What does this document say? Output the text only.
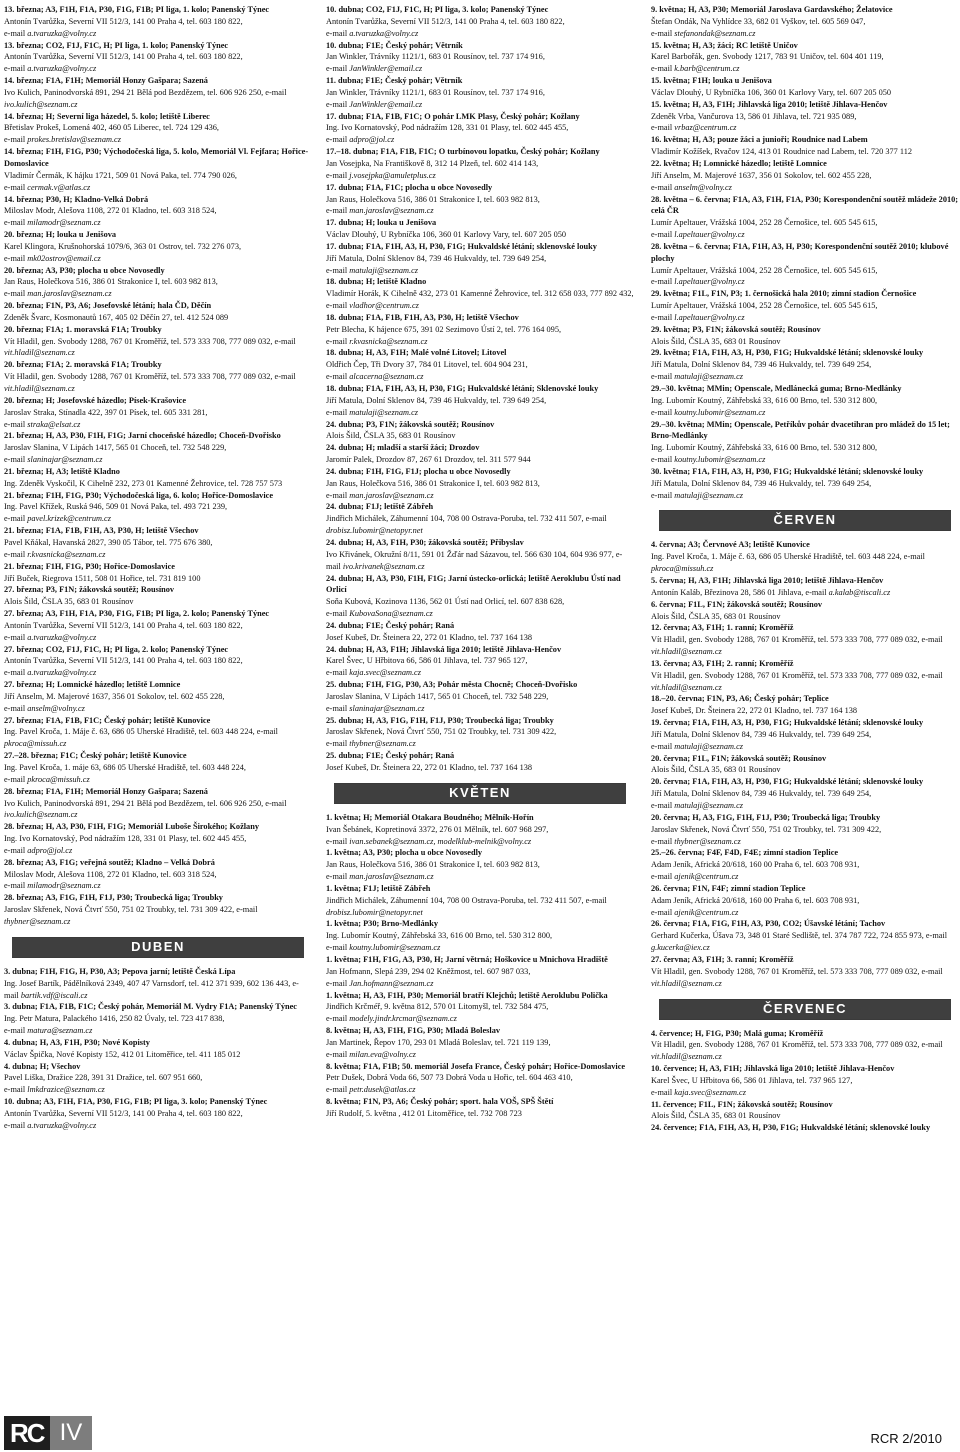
13. března; A3, F1H, F1A, P30, F1G, F1B; PI liga, 1. kolo; Panenský Týnec
Antonín Tvarůžka, Severní VII 512/3, 141 00 Praha 4, tel. 603 180 822,
e-mail a.tvaruzka@volny.cz
13. března; CO2, F1J, F1C, H; PI liga, 1. kolo; Panenský Týnec
Antonín Tvarůžka, Severní VII 512/3, 141 00 Praha 4, tel. 603 180 822,
e-mail a.tvaruzka@volny.cz
14. března; F1A, F1H; Memoriál Honzy Gašpara; Sazená
Ivo Kulich, Paninodvorská 891, 294 21 Bělá pod Bezdězem, tel. 606 926 250, e-mail ivo.kulich@seznam.cz
14. března; H; Severní liga házedel, 5. kolo; letiště Liberec
Břetislav Prokeš, Lomená 402, 460 05 Liberec, tel. 724 129 436,
e-mail prokes.bretislav@seznam.cz
14. března; F1H, F1G, P30; Východočeská liga, 5. kolo, Memoriál Vl. Fejfara; Hořice-Domoslavice
Vladimír Čermák, K hájku 1721, 509 01 Nová Paka, tel. 774 790 026,
e-mail cermak.v@atlas.cz
14. března; P30, H; Kladno-Velká Dobrá
Miloslav Modr, Alešova 1108, 272 01 Kladno, tel. 603 318 524,
e-mail milamodr@seznam.cz
20. března; H; louka u Jenišova
Karel Klingora, Krušnohorská 1079/6, 363 01 Ostrov, tel. 732 276 073,
e-mail mk02ostrov@email.cz
20. března; A3, P30; plocha u obce Novosedly
Jan Raus, Holečkova 516, 386 01 Strakonice I, tel. 603 982 813,
e-mail man.jaroslav@seznam.cz
20. března; F1N, P3, A6; Josefovské létání; hala ČD, Děčín
Zdeněk Švarc, Kosmonautů 167, 405 02 Děčín 27, tel. 412 524 089
20. března; F1A; 1. moravská F1A; Troubky
Vít Hladil, gen. Svobody 1288, 767 01 Kroměříž, tel. 573 333 708, 777 089 032, e-mail vit.hladil@seznam.cz
20. března; F1A; 2. moravská F1A; Troubky
Vít Hladil, gen. Svobody 1288, 767 01 Kroměříž, tel. 573 333 708, 777 089 032, e-mail vit.hladil@seznam.cz
20. března; H; Josefovské házedlo; Písek-Krašovice
Jaroslav Straka, Stínadla 422, 397 01 Písek, tel. 605 331 281,
e-mail straka@elsat.cz
21. března; H, A3, P30, F1H, F1G; Jarní choceňské házedlo; Choceň-Dvořisko
Jaroslav Slanina, V Lipách 1417, 565 01 Choceň, tel. 732 548 229,
e-mail slaninajar@seznam.cz
21. března; H, A3; letiště Kladno
Ing. Zdeněk Vyskočil, K Cihelně 232, 273 01 Kamenné Žehrovice, tel. 728 757 573
21. března; F1H, F1G, P30; Východočeská liga, 6. kolo; Hořice-Domoslavice
Ing. Pavel Křížek, Ruská 946, 509 01 Nová Paka, tel. 493 721 239,
e-mail pavel.krizek@centrum.cz
21. března; F1A, F1B, F1H, A3, P30, H; letiště Všechov
Pavel Kňákal, Havanská 2827, 390 05 Tábor, tel. 775 676 380,
e-mail r.kvasnicka@seznam.cz
21. března; F1H, F1G, P30; Hořice-Domoslavice
Jiří Buček, Riegrova 1511, 508 01 Hořice, tel. 731 819 100
27. března; P3, F1N; žákovská soutěž; Rousínov
Alois Šild, ČSLA 35, 683 01 Rousínov
27. března; A3, F1H, F1A, P30, F1G, F1B; PI liga, 2. kolo; Panenský Týnec
Antonín Tvarůžka, Severní VII 512/3, 141 00 Praha 4, tel. 603 180 822,
e-mail a.tvaruzka@volny.cz
27. března; CO2, F1J, F1C, H; PI liga, 2. kolo; Panenský Týnec
Antonín Tvarůžka, Severní VII 512/3, 141 00 Praha 4, tel. 603 180 822,
e-mail a.tvaruzka@volny.cz
27. března; H; Lomnické házedlo; letiště Lomnice
Jiří Anselm, M. Majerové 1637, 356 01 Sokolov, tel. 602 455 228,
e-mail anselm@volny.cz
27. března; F1A, F1B, F1C; Český pohár; letiště Kunovice
Ing. Pavel Kroča, 1. Máje č. 63, 686 05 Uherské Hradiště, tel. 603 448 224, e-mail pkroca@missuh.cz
27.–28. března; F1C; Český pohár; letiště Kunovice
Ing. Pavel Kroča, 1. máje 63, 686 05 Uherské Hradiště, tel. 603 448 224,
e-mail pkroca@missuh.cz
28. března; F1A, F1H; Memoriál Honzy Gašpara; Sazená
Ivo Kulich, Paninodvorská 891, 294 21 Bělá pod Bezdězem, tel. 606 926 250, e-mail ivo.kulich@seznam.cz
28. března; H, A3, P30, F1H, F1G; Memoriál Luboše Širokého; Kožlany
Ing. Ivo Kornatovský, Pod nádražím 128, 331 01 Plasy, tel. 602 445 455,
e-mail adpro@jol.cz
28. března; A3, F1G; veřejná soutěž; Kladno – Velká Dobrá
Miloslav Modr, Alešova 1108, 272 01 Kladno, tel. 603 318 524,
e-mail milamodr@seznam.cz
28. března; A3, F1G, F1H, F1J, P30; Troubecká liga; Troubky
Jaroslav Skřenek, Nová Čtvrť 550, 751 02 Troubky, tel. 731 309 422, e-mail thybner@seznam.cz
DUBEN
3. dubna; F1H, F1G, H, P30, A3; Pepova jarní; letiště Česká Lípa
Ing. Josef Bartík, Pádělníková 2349, 407 47 Varnsdorf, tel. 412 371 939, 602 136 443, e-mail bartik.vdf@iscali.cz
3. dubna; F1A, F1B, F1C; Český pohár, Memoriál M. Vydry F1A; Panenský Týnec
Ing. Petr Matura, Palackého 1416, 250 82 Úvaly, tel. 723 417 838,
e-mail matura@seznam.cz
4. dubna; H, A3, F1H, P30; Nové Kopisty
Václav Špička, Nové Kopisty 152, 412 01 Litoměřice, tel. 411 185 012
4. dubna; H; Všechov
Pavel Liška, Dražice 228, 391 31 Dražice, tel. 607 951 660,
e-mail lmkdrazice@seznam.cz
10. dubna; A3, F1H, F1A, P30, F1G, F1B; PI liga, 3. kolo; Panenský Týnec
Antonín Tvarůžka, Severní VII 512/3, 141 00 Praha 4, tel. 603 180 822,
e-mail a.tvaruzka@volny.cz
10. dubna; CO2, F1J, F1C, H; PI liga, 3. kolo; Panenský Týnec
Antonín Tvarůžka, Severní VII 512/3, 141 00 Praha 4, tel. 603 180 822,
e-mail a.tvaruzka@volny.cz
10. dubna; F1E; Český pohár; Větrník
Jan Winkler, Trávníky 1121/1, 683 01 Rousínov, tel. 737 174 916,
e-mail JanWinkler@email.cz
11. dubna; F1E; Český pohár; Větrník
Jan Winkler, Trávníky 1121/1, 683 01 Rousínov, tel. 737 174 916,
e-mail JanWinkler@email.cz
17. dubna; F1A, F1B, F1C; O pohár LMK Plasy, Český pohár; Kožlany
Ing. Ivo Kornatovský, Pod nádražím 128, 331 01 Plasy, tel. 602 445 455,
e-mail adpro@jol.cz
17.–18. dubna; F1A, F1B, F1C; O turbínovou lopatku, Český pohár; Kožlany
Jan Vosejpka, Na Františkově 8, 312 14 Plzeň, tel. 602 414 143,
e-mail j.vosejpka@amuletplus.cz
17. dubna; F1A, F1C; plocha u obce Novosedly
Jan Raus, Holečkova 516, 386 01 Strakonice I, tel. 603 982 813,
e-mail man.jaroslav@seznam.cz
17. dubna; H; louka u Jenišova
Václav Dlouhý, U Rybníčka 106, 360 01 Karlovy Vary, tel. 607 205 050
17. dubna; F1A, F1H, A3, H, P30, F1G; Hukvaldské létání; sklenovské louky
Jiří Matula, Dolní Sklenov 84, 739 46 Hukvaldy, tel. 739 649 254,
e-mail matulaji@seznam.cz
18. dubna; H; letiště Kladno
Vladimír Horák, K Cihelně 432, 273 01 Kamenné Žehrovice, tel. 312 658 033, 777 892 432, e-mail vladhor@centrum.cz
18. dubna; F1A, F1B, F1H, A3, P30, H; letiště Všechov
Petr Blecha, K hájence 675, 391 02 Sezimovo Ústí 2, tel. 776 164 095,
e-mail r.kvasnicka@seznam.cz
18. dubna; H, A3, F1H; Malé volné Litovel; Litovel
Oldřich Čep, Tři Dvory 37, 784 01 Litovel, tel. 604 904 231,
e-mail alcacerna@seznam.cz
18. dubna; F1A, F1H, A3, H, P30, F1G; Hukvaldské létání; Sklenovské louky
Jiří Matula, Dolní Sklenov 84, 739 46 Hukvaldy, tel. 739 649 254,
e-mail matulaji@seznam.cz
24. dubna; P3, F1N; žákovská soutěž; Rousínov
Alois Šild, ČSLA 35, 683 01 Rousínov
24. dubna; H; mladší a starší žáci; Drozdov
Jaromír Palek, Drozdov 87, 267 61 Drozdov, tel. 311 577 944
24. dubna; F1H, F1G, F1J; plocha u obce Novosedly
Jan Raus, Holečkova 516, 386 01 Strakonice I, tel. 603 982 813,
e-mail man.jaroslav@seznam.cz
24. dubna; F1J; letiště Zábřeh
Jindřich Michálek, Záhumenní 104, 708 00 Ostrava-Poruba, tel. 732 411 507, e-mail drobisz.lubomir@netopyr.net
24. dubna; H, A3, F1H, P30; žákovská soutěž; Přibyslav
Ivo Křivánek, Okružní 8/11, 591 01 Žďár nad Sázavou, tel. 566 630 104, 604 936 977, e-mail ivo.krivanek@seznam.cz
24. dubna; H, A3, P30, F1H, F1G; Jarní ústecko-orlická; letiště Aeroklubu Ústí nad Orlicí
Soňa Kubová, Kozinova 1136, 562 01 Ústí nad Orlicí, tel. 607 838 628,
e-mail KubovaSona@seznam.cz
24. dubna; F1E; Český pohár; Raná
Josef Kubeš, Dr. Šteinera 22, 272 01 Kladno, tel. 737 164 138
24. dubna; H, A3, F1H; Jihlavská liga 2010; letiště Jihlava-Henčov
Karel Švec, U Hřbitova 66, 586 01 Jihlava, tel. 737 965 127,
e-mail kaja.svec@seznam.cz
25. dubna; F1H, F1G, P30, A3; Pohár města Chocně; Choceň-Dvořisko
Jaroslav Slanina, V Lipách 1417, 565 01 Choceň, tel. 732 548 229,
e-mail slaninajar@seznam.cz
25. dubna; H, A3, F1G, F1H, F1J, P30; Troubecká liga; Troubky
Jaroslav Skřenek, Nová Čtvrť 550, 751 02 Troubky, tel. 731 309 422,
e-mail thybner@seznam.cz
25. dubna; F1E; Český pohár; Raná
Josef Kubeš, Dr. Šteinera 22, 272 01 Kladno, tel. 737 164 138
KVĚTEN
1. května; H; Memoriál Otakara Boudného; Mělník-Hořín
Ivan Šebánek, Kopretinová 3372, 276 01 Mělník, tel. 607 968 297,
e-mail ivan.sebanek@seznam.cz, modelklub-melnik@volny.cz
1. května; A3, P30; plocha u obce Novosedly
Jan Raus, Holečkova 516, 386 01 Strakonice I, tel. 603 982 813,
e-mail man.jaroslav@seznam.cz
1. května; F1J; letiště Zábřeh
Jindřich Michálek, Záhumenní 104, 708 00 Ostrava-Poruba, tel. 732 411 507, e-mail drobisz.lubomir@netopyr.net
1. května; P30; Brno-Medlánky
Ing. Lubomír Koutný, Záhřebská 33, 616 00 Brno, tel. 530 312 800,
e-mail koutny.lubomir@seznam.cz
1. května; F1H, F1G, A3, P30, H; Jarní větrná; Hoškovice u Mnichova Hradiště
Jan Hofmann, Slepá 239, 294 02 Kněžmost, tel. 607 987 033,
e-mail Jan.hofmann@seznam.cz
1. května; H, A3, F1H, P30; Memoriál bratří Klejchů; letiště Aeroklubu Polička
Jindřich Krčméř, 9. května 812, 570 01 Litomyšl, tel. 732 584 475,
e-mail modely.jindr.krcmar@seznam.cz
8. května; H, A3, F1H, F1G, P30; Mladá Boleslav
Jan Martinek, Řepov 170, 293 01 Mladá Boleslav, tel. 721 119 139,
e-mail milan.eva@volny.cz
8. května; F1A, F1B; 50. memoriál Josefa France, Český pohár; Hořice-Domoslavice
Petr Dušek, Dobrá Voda 66, 507 73 Dobrá Voda u Hořic, tel. 604 463 410,
e-mail petr.dusek@atlas.cz
8. května; F1N, P3, A6; Český pohár; sport. hala VOŠ, SPŠ Štětí
Jiří Rudolf, 5. května , 412 01 Litoměřice, tel. 732 708 723
9. května; H, A3, P30; Memoriál Jaroslava Gardavského; Želatovice
Štefan Ondák, Na Vyhlídce 33, 682 01 Vyškov, tel. 605 569 047,
e-mail stefanondak@seznam.cz
15. května; H, A3; žáci; RC letiště Uničov
Karel Barbořák, gen. Svobody 1217, 783 91 Uničov, tel. 604 401 119,
e-mail k.barb@centrum.cz
15. května; F1H; louka u Jenišova
Václav Dlouhý, U Rybníčka 106, 360 01 Karlovy Vary, tel. 607 205 050
15. května; H, A3, F1H; Jihlavská liga 2010; letiště Jihlava-Henčov
Zdeněk Vrba, Vančurova 13, 586 01 Jihlava, tel. 721 935 089,
e-mail vrbaz@centrum.cz
16. května; H, A3; pouze žáci a junioři; Roudnice nad Labem
Vladimír Kožíšek, Rvačov 124, 413 01 Roudnice nad Labem, tel. 720 377 112
22. května; H; Lomnické házedlo; letiště Lomnice
Jiří Anselm, M. Majerové 1637, 356 01 Sokolov, tel. 602 455 228,
e-mail anselm@volny.cz
28. května – 6. června; F1A, A3, F1H, F1A, P30; Korespondenční soutěž mládeže 2010; celá ČR
Lumír Apeltauer, Vrážská 1004, 252 28 Černošice, tel. 605 545 615,
e-mail l.apeltauer@volny.cz
28. května – 6. června; F1A, F1H, A3, H, P30; Korespondenční soutěž 2010; klubové plochy
Lumír Apeltauer, Vrážská 1004, 252 28 Černošice, tel. 605 545 615,
e-mail l.apeltauer@volny.cz
29. května; F1L, F1N, P3; 1. černošická hala 2010; zimní stadion Černošice
Lumír Apeltauer, Vrážská 1004, 252 28 Černošice, tel. 605 545 615,
e-mail l.apeltauer@volny.cz
29. května; P3, F1N; žákovská soutěž; Rousínov
Alois Šild, ČSLA 35, 683 01 Rousínov
29. května; F1A, F1H, A3, H, P30, F1G; Hukvaldské létání; sklenovské louky
Jiří Matula, Dolní Sklenov 84, 739 46 Hukvaldy, tel. 739 649 254,
e-mail matulaji@seznam.cz
29.–30. května; MMin; Openscale, Medlánecká guma; Brno-Medlánky
Ing. Lubomír Koutný, Záhřebská 33, 616 00 Brno, tel. 530 312 800,
e-mail koutny.lubomir@seznam.cz
29.–30. května; MMin; Openscale, Petříkův pohár dvacetihran pro mládež do 15 let; Brno-Medlánky
Ing. Lubomír Koutný, Záhřebská 33, 616 00 Brno, tel. 530 312 800,
e-mail koutny.lubomir@seznam.cz
30. května; F1A, F1H, A3, H, P30, F1G; Hukvaldské létání; sklenovské louky
Jiří Matula, Dolní Sklenov 84, 739 46 Hukvaldy, tel. 739 649 254,
e-mail matulaji@seznam.cz
ČERVEN
4. června; A3; Červnové A3; letiště Kunovice
Ing. Pavel Kroča, 1. Máje č. 63, 686 05 Uherské Hradiště, tel. 603 448 224, e-mail pkroca@missuh.cz
5. června; H, A3, F1H; Jihlavská liga 2010; letiště Jihlava-Henčov
Antonín Kaláb, Březinova 28, 586 01 Jihlava, e-mail a.kalab@tiscali.cz
6. června; F1L, F1N; žákovská soutěž; Rousínov
Alois Šild, ČSLA 35, 683 01 Rousínov
12. června; A3, F1H; 1. ranní; Kroměříž
Vít Hladil, gen. Svobody 1288, 767 01 Kroměříž, tel. 573 333 708, 777 089 032, e-mail vit.hladil@seznam.cz
13. června; A3, F1H; 2. ranní; Kroměříž
Vít Hladil, gen. Svobody 1288, 767 01 Kroměříž, tel. 573 333 708, 777 089 032, e-mail vit.hladil@seznam.cz
18.–20. června; F1N, P3, A6; Český pohár; Teplice
Josef Kubeš, Dr. Šteinera 22, 272 01 Kladno, tel. 737 164 138
19. června; F1A, F1H, A3, H, P30, F1G; Hukvaldské létání; sklenovské louky
Jiří Matula, Dolní Sklenov 84, 739 46 Hukvaldy, tel. 739 649 254,
e-mail matulaji@seznam.cz
20. června; F1L, F1N; žákovská soutěž; Rousínov
Alois Šild, ČSLA 35, 683 01 Rousínov
20. června; F1A, F1H, A3, H, P30, F1G; Hukvaldské létání; sklenovské louky
Jiří Matula, Dolní Sklenov 84, 739 46 Hukvaldy, tel. 739 649 254,
e-mail matulaji@seznam.cz
20. června; H, A3, F1G, F1H, F1J, P30; Troubecká liga; Troubky
Jaroslav Skřenek, Nová Čtvrť 550, 751 02 Troubky, tel. 731 309 422,
e-mail thybner@seznam.cz
25.–26. června; F4F, F4D, F4E; zimní stadion Teplice
Adam Jeník, Africká 20/618, 160 00 Praha 6, tel. 603 708 931,
e-mail ajenik@centrum.cz
26. června; F1N, F4F; zimní stadion Teplice
Adam Jeník, Africká 20/618, 160 00 Praha 6, tel. 603 708 931,
e-mail ajenik@centrum.cz
26. června; F1A, F1G, F1H, A3, P30, CO2; Úšavské létání; Tachov
Gerhard Kučerka, Úšava 73, 348 01 Staré Sedliště, tel. 374 787 722, 724 855 973, e-mail g.kucerka@iex.cz
27. června; A3, F1H; 3. ranní; Kroměříž
Vít Hladil, gen. Svobody 1288, 767 01 Kroměříž, tel. 573 333 708, 777 089 032, e-mail vit.hladil@seznam.cz
ČERVENEC
4. července; H, F1G, P30; Malá guma; Kroměříž
Vít Hladil, gen. Svobody 1288, 767 01 Kroměříž, tel. 573 333 708, 777 089 032, e-mail vit.hladil@seznam.cz
10. července; H, A3, F1H; Jihlavská liga 2010; letiště Jihlava-Henčov
Karel Švec, U Hřbitova 66, 586 01 Jihlava, tel. 737 965 127,
e-mail kaja.svec@seznam.cz
11. července; F1L, F1N; žákovská soutěž; Rousínov
Alois Šild, ČSLA 35, 683 01 Rousínov
24. července; F1A, F1H, A3, H, P30, F1G; Hukvaldské létání; sklenovské louky
RC IV	RCR 2/2010
